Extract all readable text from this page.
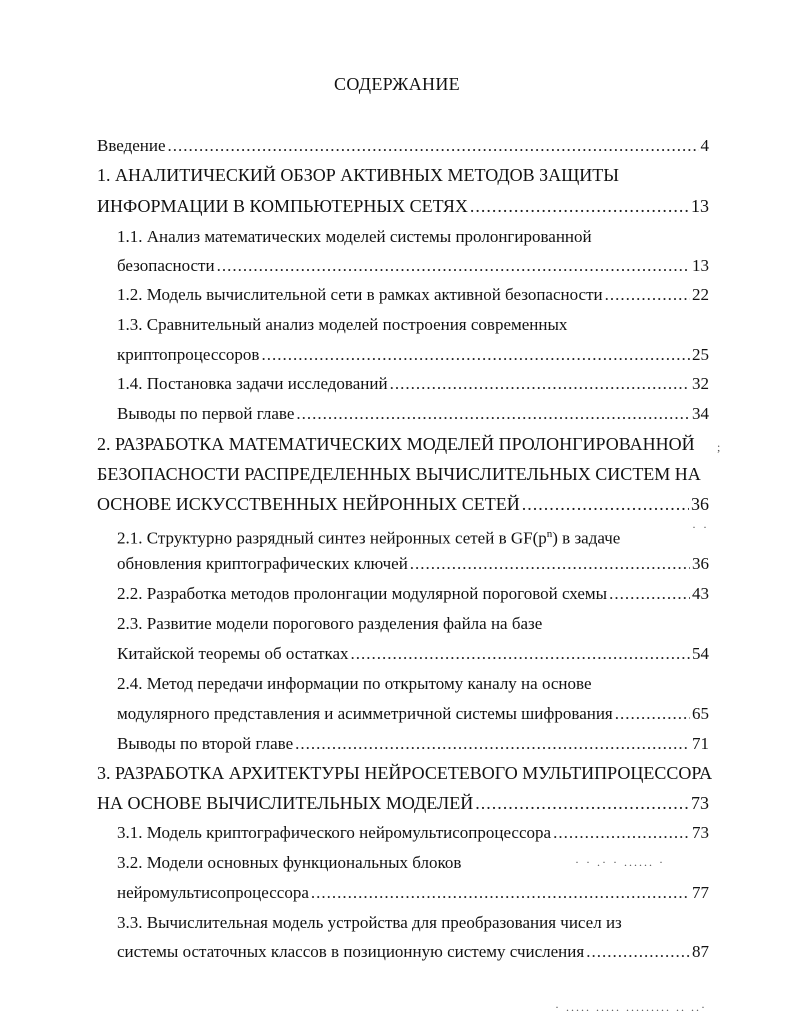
СОДЕРЖАНИЕ
Введение .....	4
1. АНАЛИТИЧЕСКИЙ ОБЗОР АКТИВНЫХ МЕТОДОВ ЗАЩИТЫ
ИНФОРМАЦИИ В КОМПЬЮТЕРНЫХ СЕТЯХ .....	13
1.1. Анализ математических моделей системы пролонгированной
безопасности .....	13
1.2. Модель вычислительной сети в рамках активной безопасности .....	22
1.3. Сравнительный анализ моделей построения современных
криптопроцессоров .....	25
1.4. Постановка задачи исследований .....	32
Выводы по первой главе .....	34
2. РАЗРАБОТКА МАТЕМАТИЧЕСКИХ МОДЕЛЕЙ ПРОЛОНГИРОВАННОЙ ;
БЕЗОПАСНОСТИ РАСПРЕДЕЛЕННЫХ ВЫЧИСЛИТЕЛЬНЫХ СИСТЕМ НА
ОСНОВЕ ИСКУССТВЕННЫХ НЕЙРОННЫХ СЕТЕЙ .....	36
2.1. Структурно разрядный синтез нейронных сетей в $GF(p^n)$ в задаче
· ·
обновления криптографических ключей .....	36
2.2. Разработка методов пролонгации модулярной пороговой схемы .....	43
2.3. Развитие модели порогового разделения файла на базе
Китайской теоремы об остатках .....	54
2.4. Метод передачи информации по открытому каналу на основе
модулярного представления и асимметричной системы шифрования .....	65
Выводы по второй главе .....	71
3. РАЗРАБОТКА АРХИТЕКТУРЫ НЕЙРОСЕТЕВОГО МУЛЬТИПРОЦЕССОРА
НА ОСНОВЕ ВЫЧИСЛИТЕЛЬНЫХ МОДЕЛЕЙ .....	73
3.1. Модель криптографического нейромультисопроцессора .....	73
3.2. Модели основных функциональных блоков	· · .· · ...... ·
нейромультисопроцессора .....	77
3.3. Вычислительная модель устройства для преобразования чисел из
системы остаточных классов в позиционную систему счисления .....	87
· ..... ..... ......... .. ..·
